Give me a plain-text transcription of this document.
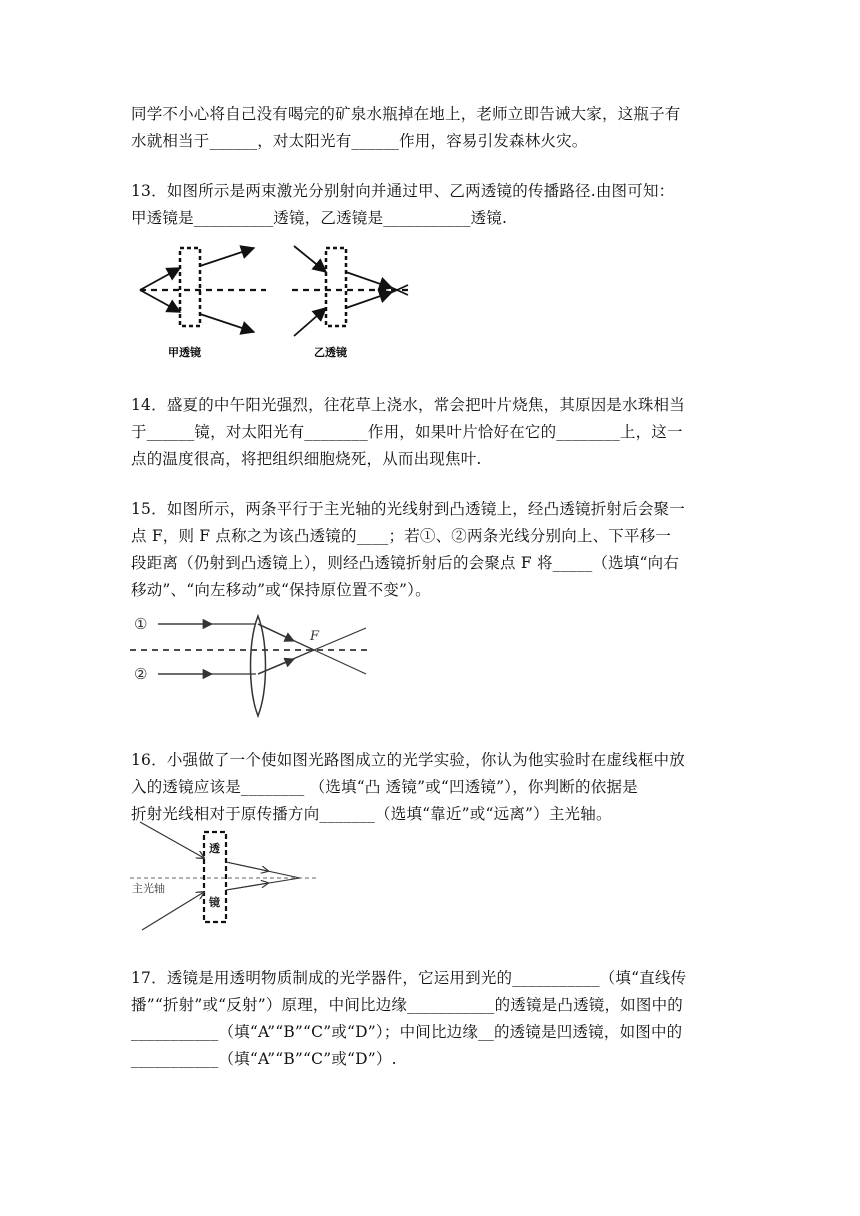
同学不小心将自己没有喝完的矿泉水瓶掉在地上，老师立即告诫大家，这瓶子有
水就相当于______，对太阳光有______作用，容易引发森林火灾。
13．如图所示是两束激光分别射向并通过甲、乙两透镜的传播路径.由图可知：
甲透镜是__________透镜，乙透镜是___________透镜.
甲透镜	乙透镜
14．盛夏的中午阳光强烈，往花草上浇水，常会把叶片烧焦，其原因是水珠相当
于______镜，对太阳光有________作用，如果叶片恰好在它的________上，这一
点的温度很高，将把组织细胞烧死，从而出现焦叶.
15．如图所示，两条平行于主光轴的光线射到凸透镜上，经凸透镜折射后会聚一
点 F，则 F 点称之为该凸透镜的____；若①、②两条光线分别向上、下平移一
段距离（仍射到凸透镜上），则经凸透镜折射后的会聚点 F 将_____（选填“向右
移动”、“向左移动”或“保持原位置不变”）。
①
②
F
16．小强做了一个使如图光路图成立的光学实验，你认为他实验时在虚线框中放
入的透镜应该是________ （选填“凸 透镜”或“凹透镜”），你判断的依据是
折射光线相对于原传播方向_______（选填“靠近”或“远离”）主光轴。
透
镜
主光轴
17．透镜是用透明物质制成的光学器件，它运用到光的___________（填“直线传
播”“折射”或“反射”）原理，中间比边缘___________的透镜是凸透镜，如图中的
___________（填“A”“B”“C”或“D”）；中间比边缘__的透镜是凹透镜，如图中的
___________（填“A”“B”“C”或“D”）.
